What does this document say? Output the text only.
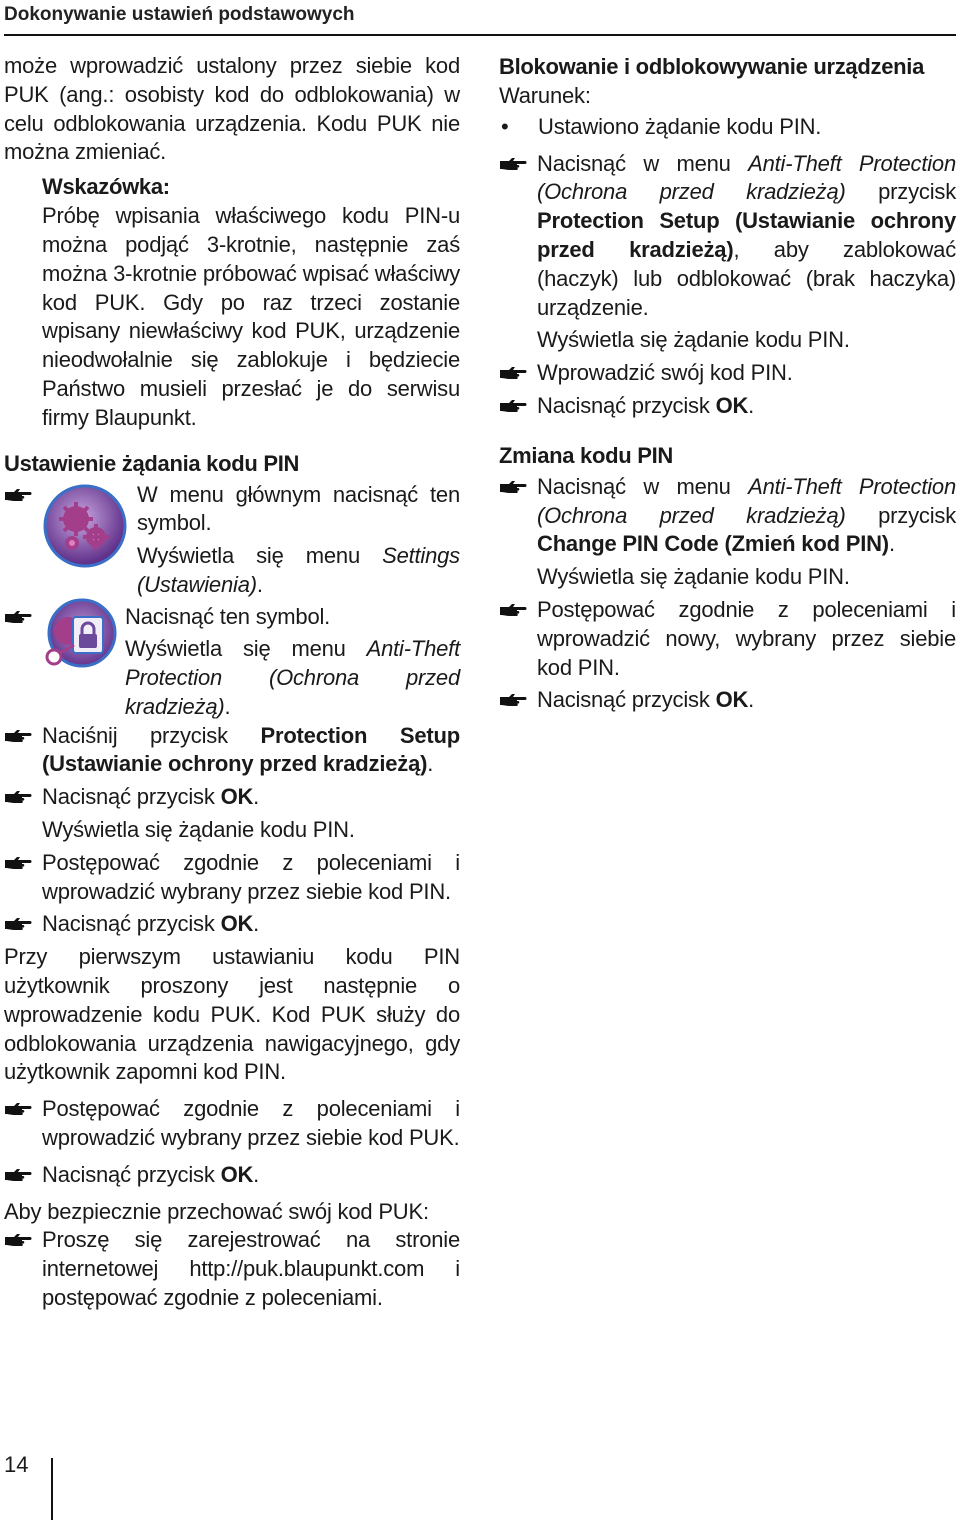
Dokonywanie ustawień podstawowych

może wprowadzić ustalony przez siebie kod PUK (ang.: osobisty kod do odblokowania) w celu odblokowania urządzenia. Kodu PUK nie można zmieniać.

Wskazówka:

Próbę wpisania właściwego kodu PIN-u można podjąć 3-krotnie, następnie zaś można 3-krotnie próbować wpisać właściwy kod PUK. Gdy po raz trzeci zostanie wpisany niewłaściwy kod PUK, urządzenie nieodwołalnie się zablokuje i będziecie Państwo musieli przesłać je do serwisu firmy Blaupunkt.

Ustawienie żądania kodu PIN

W menu głównym nacisnąć ten symbol.

Wyświetla się menu Settings (Ustawienia).

Nacisnąć ten symbol.

Wyświetla się menu Anti-Theft Protection (Ochrona przed kradzieżą).

Naciśnij przycisk Protection Setup (Ustawianie ochrony przed kradzieżą).

Nacisnąć przycisk OK.

Wyświetla się żądanie kodu PIN.

Postępować zgodnie z poleceniami i wprowadzić wybrany przez siebie kod PIN.

Nacisnąć przycisk OK.

Przy pierwszym ustawianiu kodu PIN użytkownik proszony jest następnie o wprowadzenie kodu PUK. Kod PUK służy do odblokowania urządzenia nawigacyjnego, gdy użytkownik zapomni kod PIN.

Postępować zgodnie z poleceniami i wprowadzić wybrany przez siebie kod PUK.

Nacisnąć przycisk OK.

Aby bezpiecznie przechować swój kod PUK:

Proszę się zarejestrować na stronie internetowej http://puk.blaupunkt.com i postępować zgodnie z poleceniami.

Blokowanie i odblokowywanie urządzenia

Warunek:

• Ustawiono żądanie kodu PIN.

Nacisnąć w menu Anti-Theft Protection (Ochrona przed kradzieżą) przycisk Protection Setup (Ustawianie ochrony przed kradzieżą), aby zablokować (haczyk) lub odblokować (brak haczyka) urządzenie.

Wyświetla się żądanie kodu PIN.

Wprowadzić swój kod PIN.

Nacisnąć przycisk OK.

Zmiana kodu PIN

Nacisnąć w menu Anti-Theft Protection (Ochrona przed kradzieżą) przycisk Change PIN Code (Zmień kod PIN).

Wyświetla się żądanie kodu PIN.

Postępować zgodnie z poleceniami i wprowadzić nowy, wybrany przez siebie kod PIN.

Nacisnąć przycisk OK.

14
